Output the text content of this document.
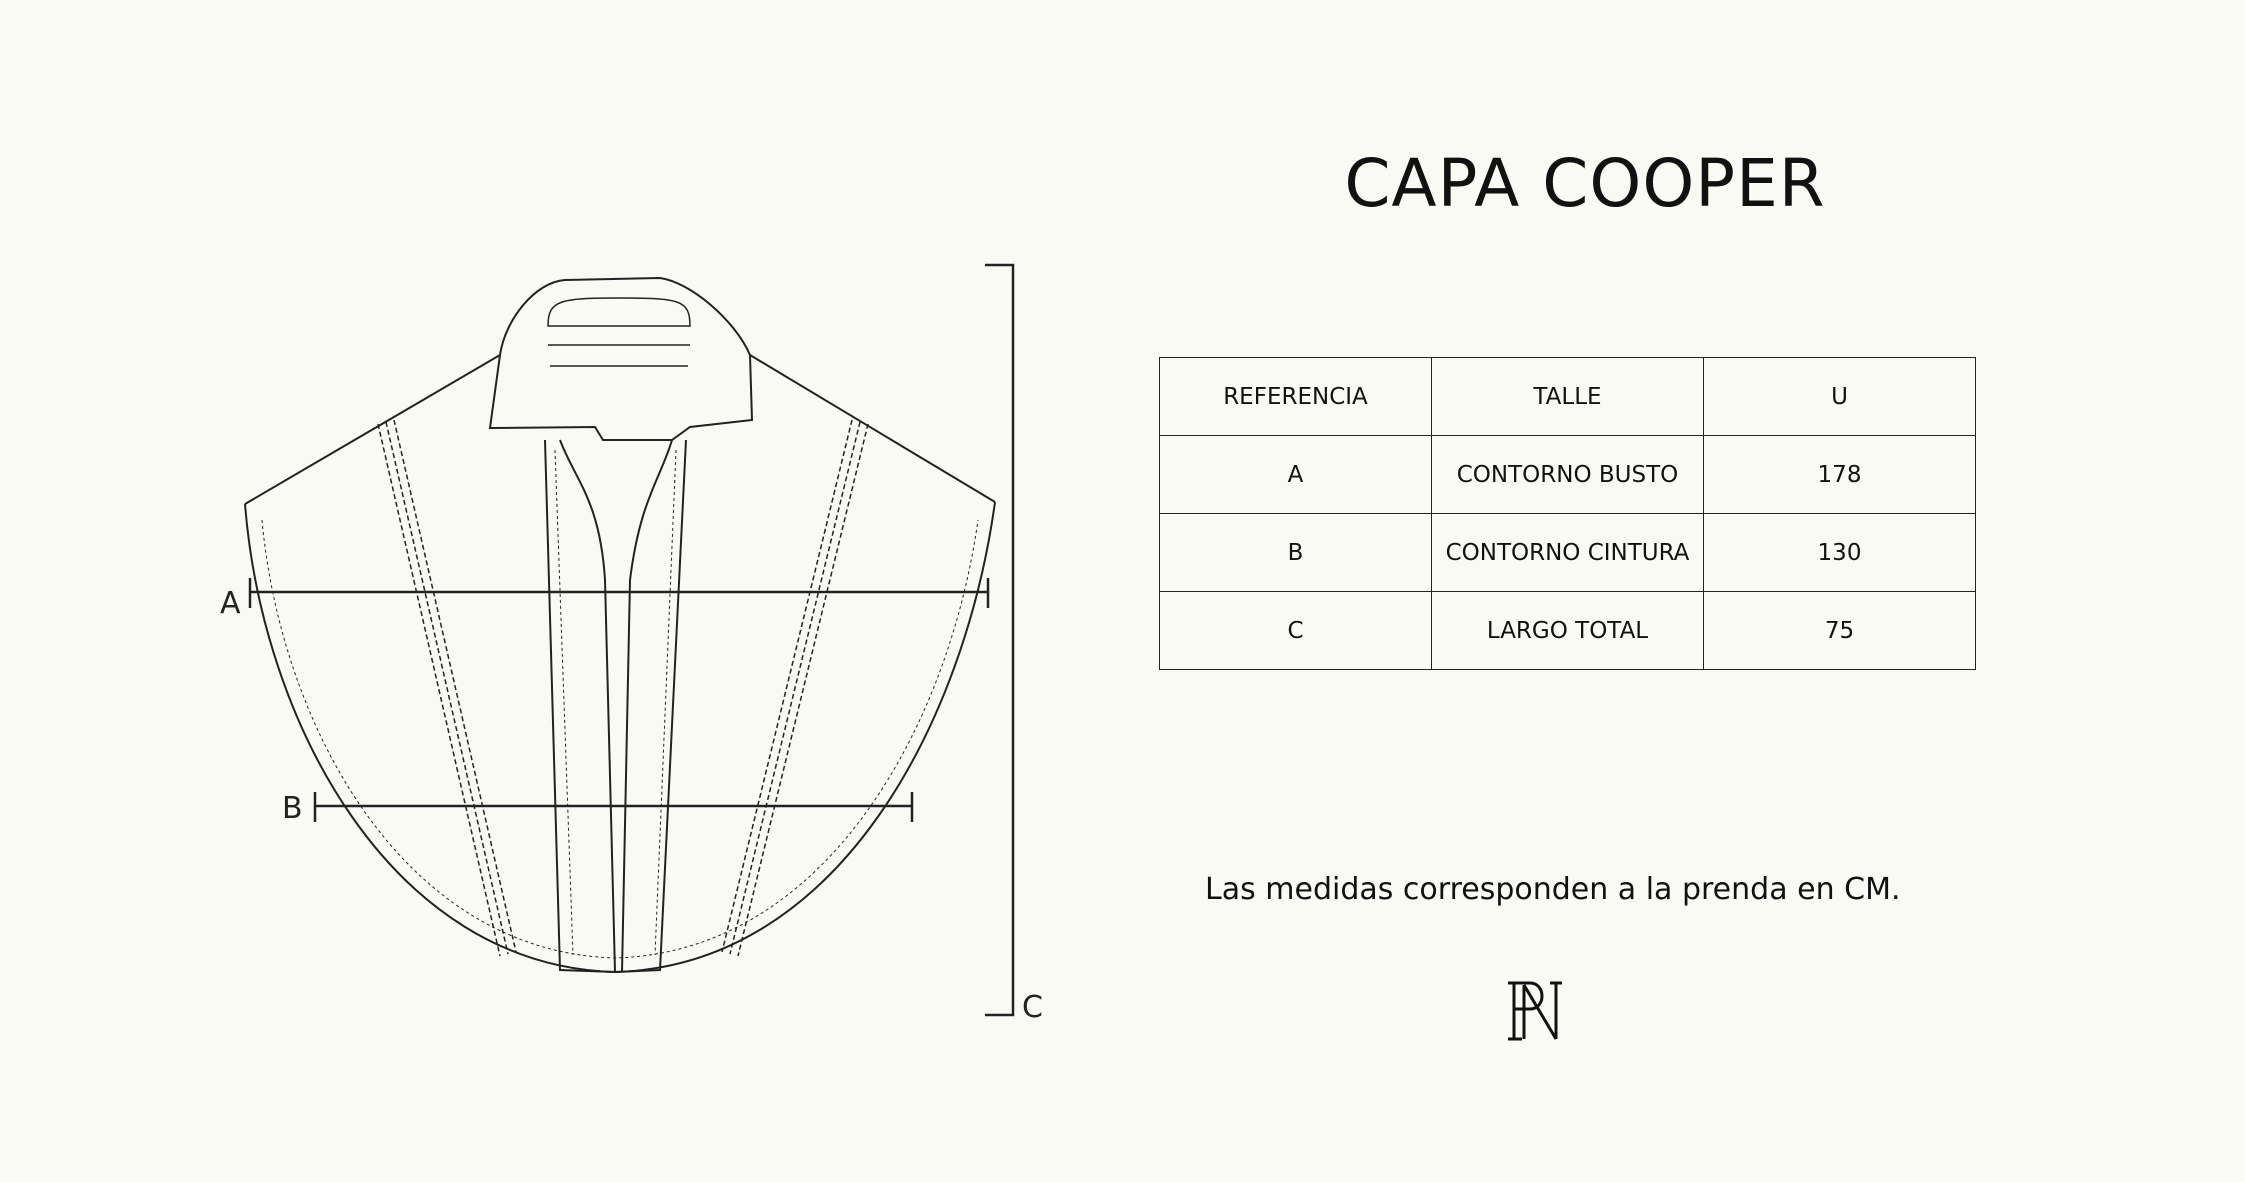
A
B
C
CAPA COOPER
REFERENCIA	TALLE	U
A	CONTORNO BUSTO	178
B	CONTORNO CINTURA	130
C	LARGO TOTAL	75
Las medidas corresponden a la prenda en CM.
